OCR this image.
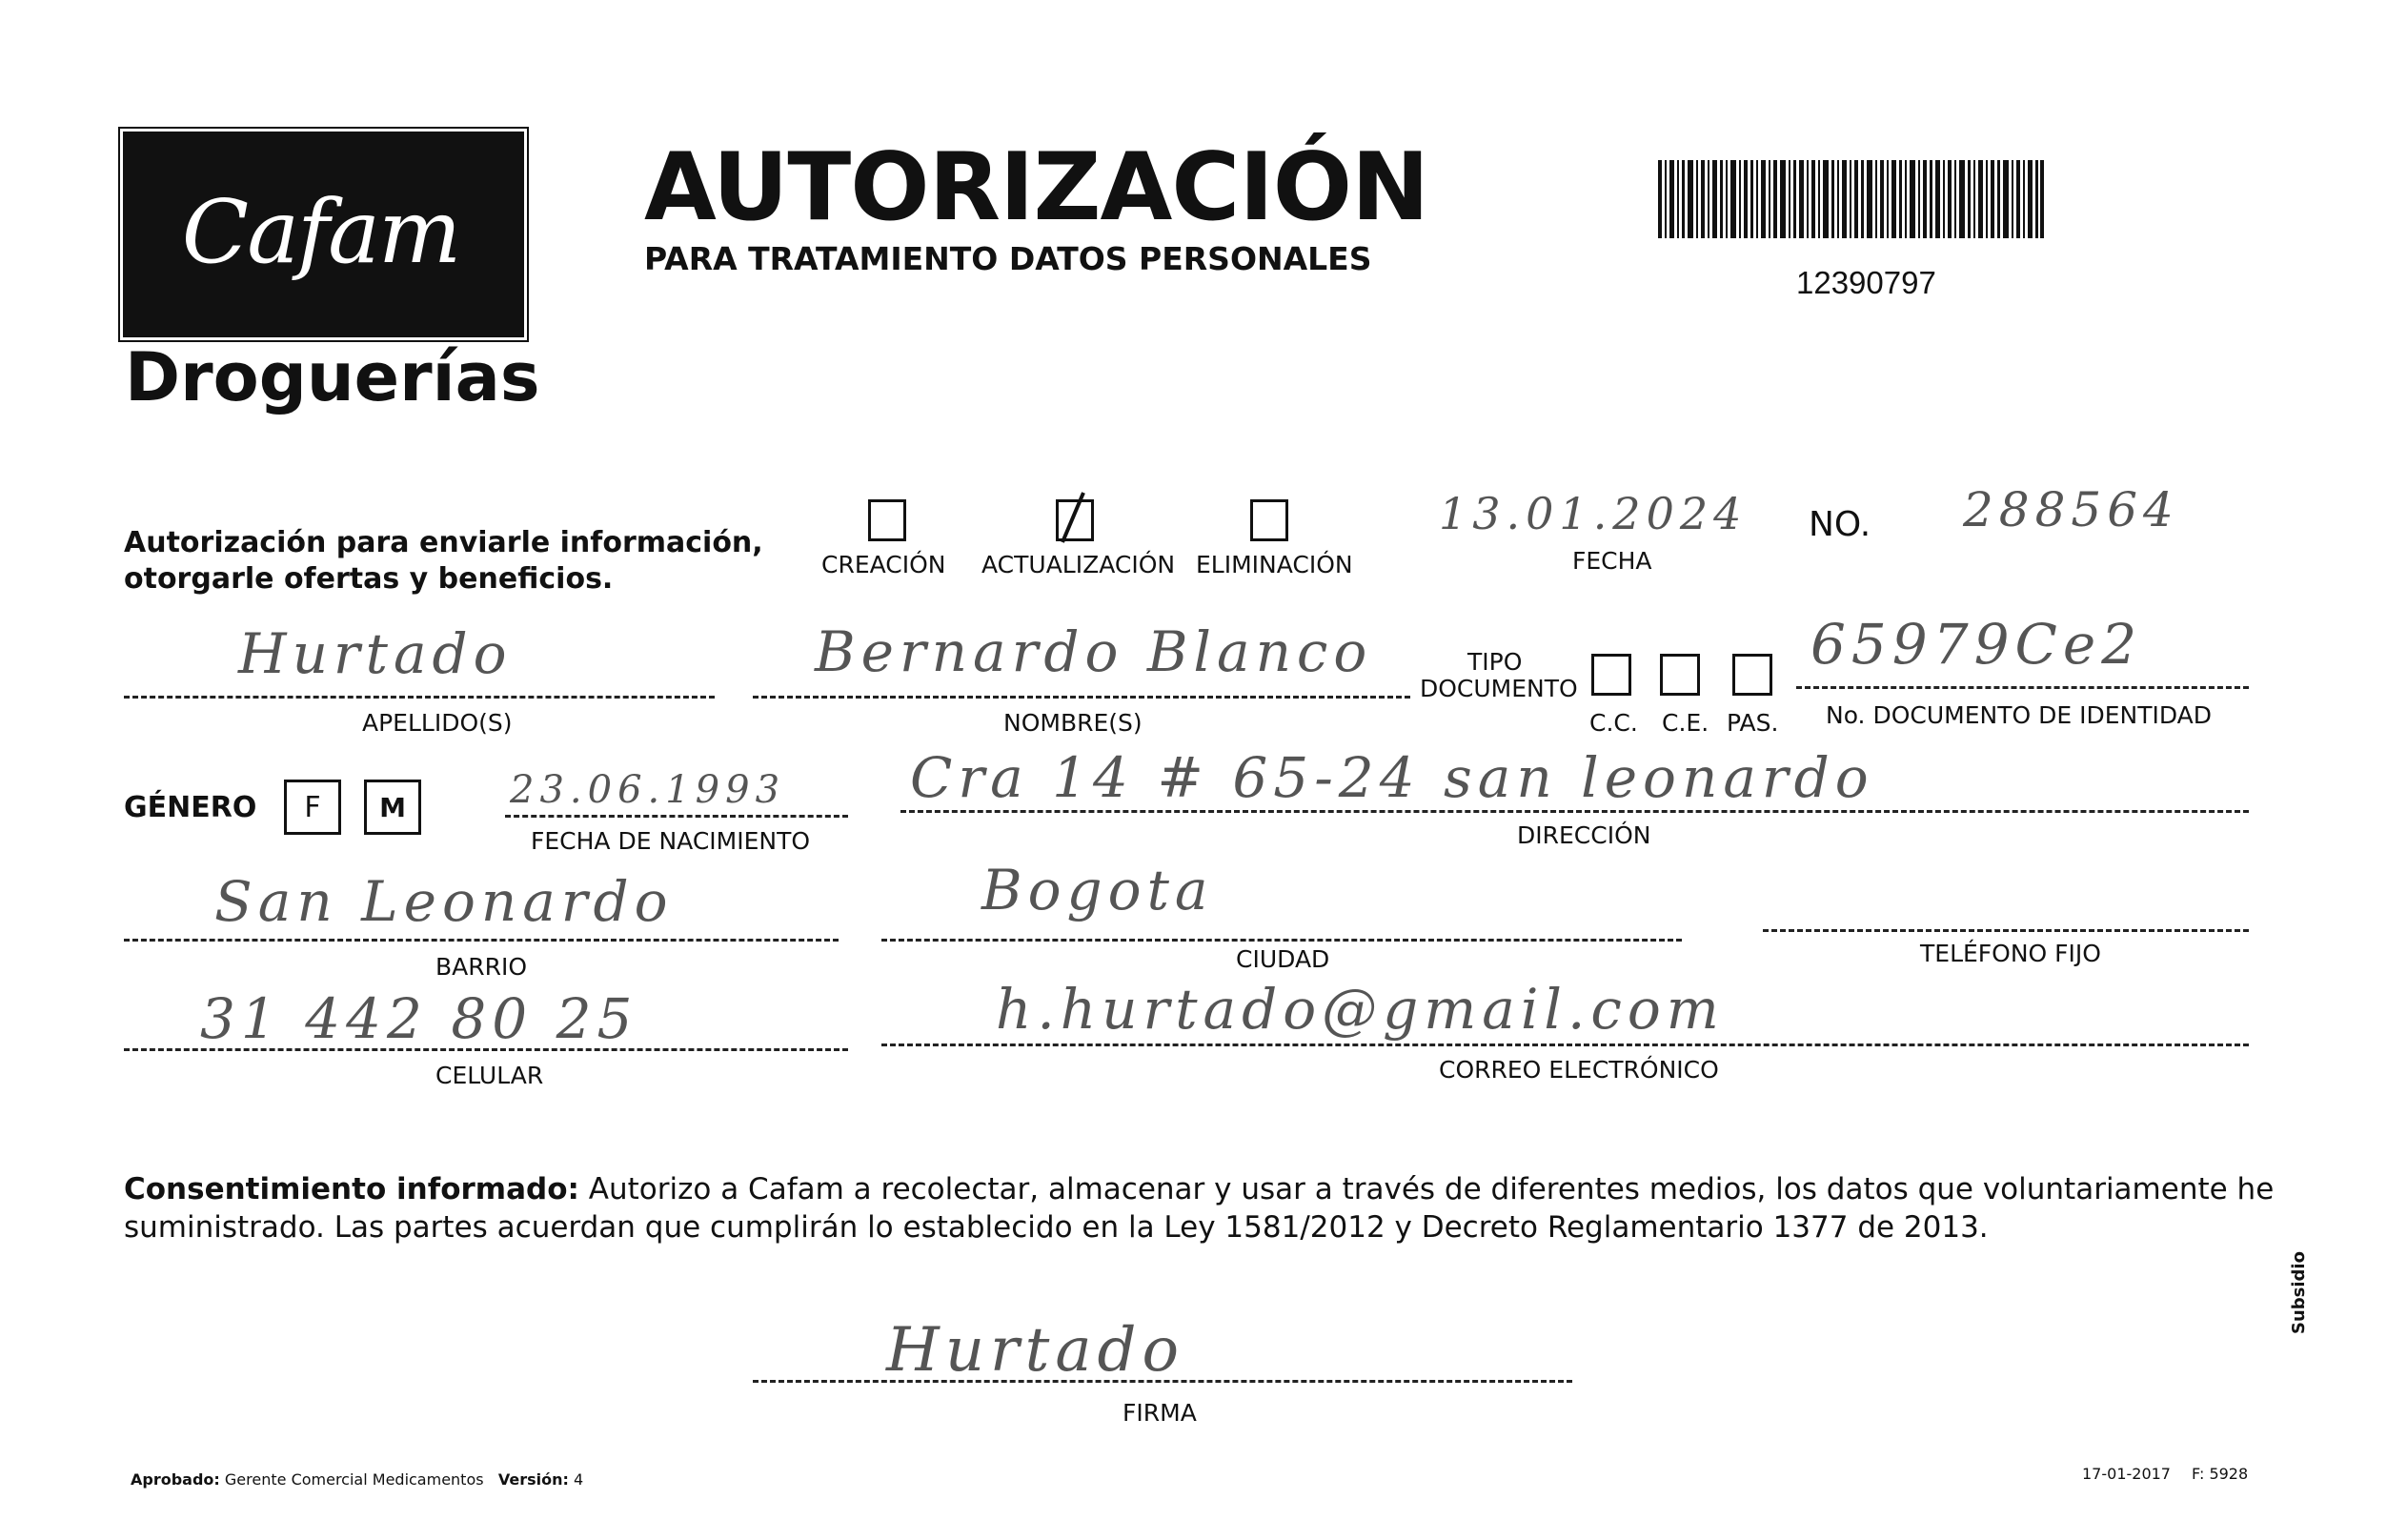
Cafam
Droguerías
AUTORIZACIÓN
PARA TRATAMIENTO DATOS PERSONALES
12390797
Autorización para enviarle información,
otorgarle ofertas y beneficios.	CREACIÓN ACTUALIZACIÓN ELIMINACIÓN
13.01.2024
FECHA
NO. 288564
Hurtado
APELLIDO(S)
Bernardo Blanco
NOMBRE(S)
TIPO
DOCUMENTO
C.C. C.E. PAS.
65979Ce2
No. DOCUMENTO DE IDENTIDAD
GÉNERO	F	M	23.06.1993
FECHA DE NACIMIENTO
Cra 14 # 65-24 san leonardo
DIRECCIÓN
San Leonardo
BARRIO
Bogota
CIUDAD	TELÉFONO FIJO
31 442 80 25
CELULAR
h.hurtado@gmail.com
CORREO ELECTRÓNICO
Consentimiento informado: Autorizo a Cafam a recolectar, almacenar y usar a través de diferentes medios, los datos que voluntariamente he
suministrado. Las partes acuerdan que cumplirán lo establecido en la Ley 1581/2012 y Decreto Reglamentario 1377 de 2013.
Hurtado
FIRMA
Aprobado: Gerente Comercial Medicamentos Versión: 4	17-01-2017 F: 5928
Subsidio
